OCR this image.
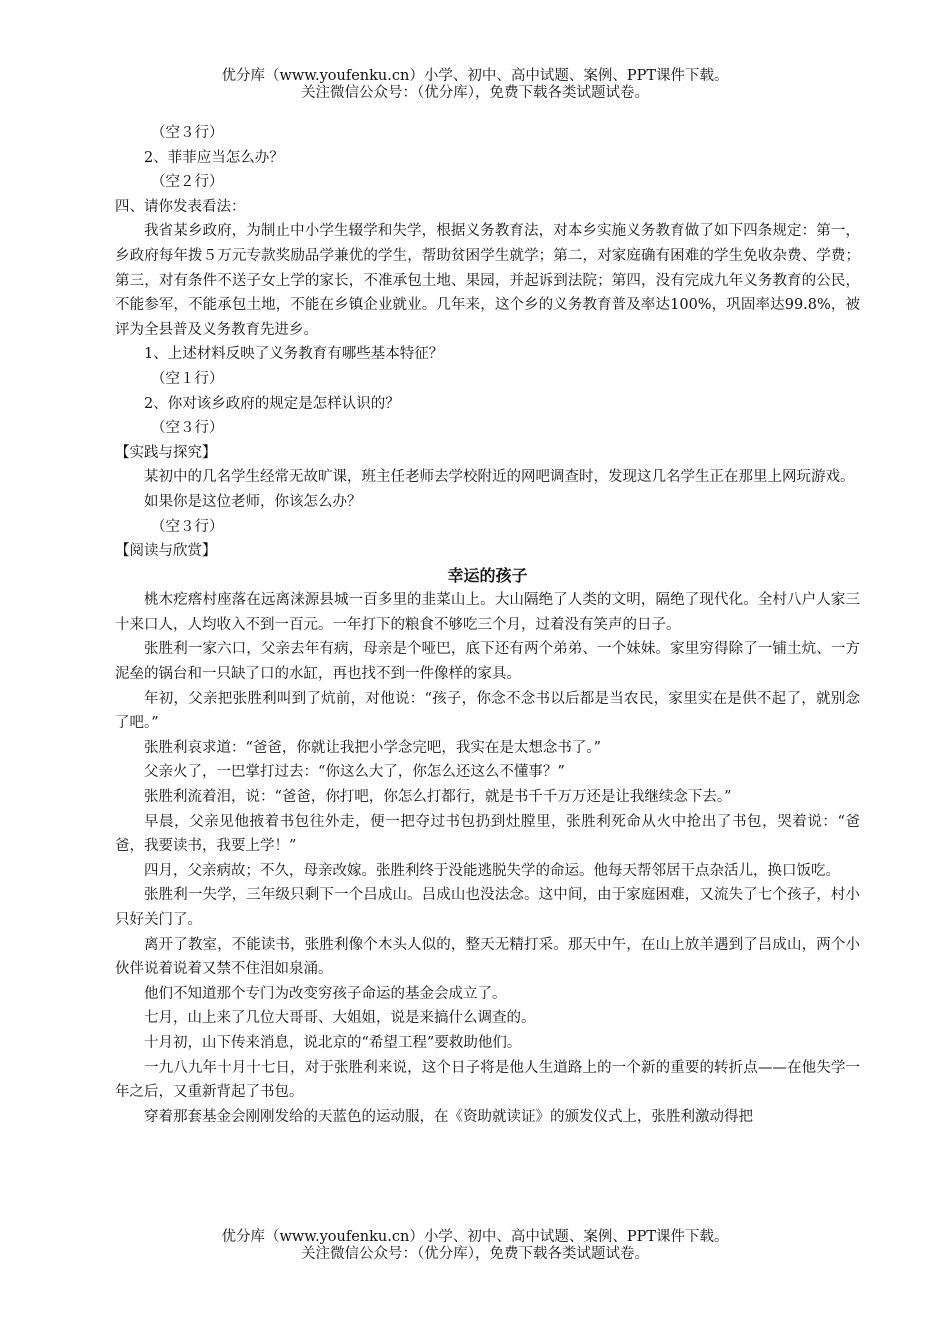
优分库（www.youfenku.cn）小学、初中、高中试题、案例、PPT课件下载。
关注微信公众号：（优分库），免费下载各类试题试卷。

（空３行）

2、菲菲应当怎么办？

（空２行）

四、请你发表看法：

我省某乡政府，为制止中小学生辍学和失学，根据义务教育法，对本乡实施义务教育做了如下四条规定：第一，乡政府每年拨５万元专款奖励品学兼优的学生，帮助贫困学生就学；第二，对家庭确有困难的学生免收杂费、学费；第三，对有条件不送子女上学的家长，不准承包土地、果园，并起诉到法院；第四，没有完成九年义务教育的公民，不能参军，不能承包土地，不能在乡镇企业就业。几年来，这个乡的义务教育普及率达100%，巩固率达99.8%，被评为全县普及义务教育先进乡。

1、上述材料反映了义务教育有哪些基本特征？

（空１行）

2、你对该乡政府的规定是怎样认识的？

（空３行）

【实践与探究】

某初中的几名学生经常无故旷课，班主任老师去学校附近的网吧调查时，发现这几名学生正在那里上网玩游戏。

如果你是这位老师，你该怎么办？

（空３行）

【阅读与欣赏】

幸运的孩子

桃木疙瘩村座落在远离涞源县城一百多里的韭菜山上。大山隔绝了人类的文明，隔绝了现代化。全村八户人家三十来口人，人均收入不到一百元。一年打下的粮食不够吃三个月，过着没有笑声的日子。

张胜利一家六口，父亲去年有病，母亲是个哑巴，底下还有两个弟弟、一个妹妹。家里穷得除了一铺土炕、一方泥垒的锅台和一只缺了口的水缸，再也找不到一件像样的家具。

年初，父亲把张胜利叫到了炕前，对他说：“孩子，你念不念书以后都是当农民，家里实在是供不起了，就别念了吧。”

张胜利哀求道：“爸爸，你就让我把小学念完吧，我实在是太想念书了。”

父亲火了，一巴掌打过去：“你这么大了，你怎么还这么不懂事？”

张胜利流着泪，说：“爸爸，你打吧，你怎么打都行，就是书千千万万还是让我继续念下去。”

早晨，父亲见他掖着书包往外走，便一把夺过书包扔到灶膛里，张胜利死命从火中抢出了书包，哭着说：“爸爸，我要读书，我要上学！”

四月，父亲病故；不久，母亲改嫁。张胜利终于没能逃脱失学的命运。他每天帮邻居干点杂活儿，换口饭吃。

张胜利一失学，三年级只剩下一个吕成山。吕成山也没法念。这中间，由于家庭困难，又流失了七个孩子，村小只好关门了。

离开了教室，不能读书，张胜利像个木头人似的，整天无精打采。那天中午，在山上放羊遇到了吕成山，两个小伙伴说着说着又禁不住泪如泉涌。

他们不知道那个专门为改变穷孩子命运的基金会成立了。

七月，山上来了几位大哥哥、大姐姐，说是来搞什么调查的。

十月初，山下传来消息，说北京的“希望工程”要救助他们。

一九八九年十月十七日，对于张胜利来说，这个日子将是他人生道路上的一个新的重要的转折点——在他失学一年之后，又重新背起了书包。

穿着那套基金会刚刚发给的天蓝色的运动服，在《资助就读证》的颁发仪式上，张胜利激动得把

优分库（www.youfenku.cn）小学、初中、高中试题、案例、PPT课件下载。
关注微信公众号：（优分库），免费下载各类试题试卷。
